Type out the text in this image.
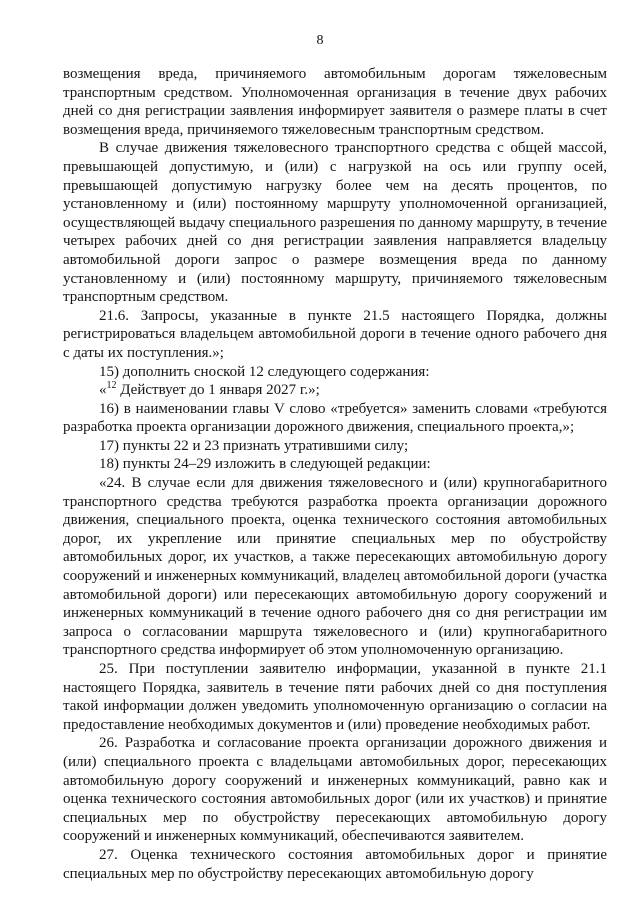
8

возмещения вреда, причиняемого автомобильным дорогам тяжеловесным транспортным средством. Уполномоченная организация в течение двух рабочих дней со дня регистрации заявления информирует заявителя о размере платы в счет возмещения вреда, причиняемого тяжеловесным транспортным средством.

В случае движения тяжеловесного транспортного средства с общей массой, превышающей допустимую, и (или) с нагрузкой на ось или группу осей, превышающей допустимую нагрузку более чем на десять процентов, по установленному и (или) постоянному маршруту уполномоченной организацией, осуществляющей выдачу специального разрешения по данному маршруту, в течение четырех рабочих дней со дня регистрации заявления направляется владельцу автомобильной дороги запрос о размере возмещения вреда по данному установленному и (или) постоянному маршруту, причиняемого тяжеловесным транспортным средством.

21.6. Запросы, указанные в пункте 21.5 настоящего Порядка, должны регистрироваться владельцем автомобильной дороги в течение одного рабочего дня с даты их поступления.»;

15) дополнить сноской 12 следующего содержания:

«$^{12}$ Действует до 1 января 2027 г.»;

16) в наименовании главы V слово «требуется» заменить словами «требуются разработка проекта организации дорожного движения, специального проекта,»;

17) пункты 22 и 23 признать утратившими силу;

18) пункты 24–29 изложить в следующей редакции:

«24. В случае если для движения тяжеловесного и (или) крупногабаритного транспортного средства требуются разработка проекта организации дорожного движения, специального проекта, оценка технического состояния автомобильных дорог, их укрепление или принятие специальных мер по обустройству автомобильных дорог, их участков, а также пересекающих автомобильную дорогу сооружений и инженерных коммуникаций, владелец автомобильной дороги (участка автомобильной дороги) или пересекающих автомобильную дорогу сооружений и инженерных коммуникаций в течение одного рабочего дня со дня регистрации им запроса о согласовании маршрута тяжеловесного и (или) крупногабаритного транспортного средства информирует об этом уполномоченную организацию.

25. При поступлении заявителю информации, указанной в пункте 21.1 настоящего Порядка, заявитель в течение пяти рабочих дней со дня поступления такой информации должен уведомить уполномоченную организацию о согласии на предоставление необходимых документов и (или) проведение необходимых работ.

26. Разработка и согласование проекта организации дорожного движения и (или) специального проекта с владельцами автомобильных дорог, пересекающих автомобильную дорогу сооружений и инженерных коммуникаций, равно как и оценка технического состояния автомобильных дорог (или их участков) и принятие специальных мер по обустройству пересекающих автомобильную дорогу сооружений и инженерных коммуникаций, обеспечиваются заявителем.

27. Оценка технического состояния автомобильных дорог и принятие специальных мер по обустройству пересекающих автомобильную дорогу
